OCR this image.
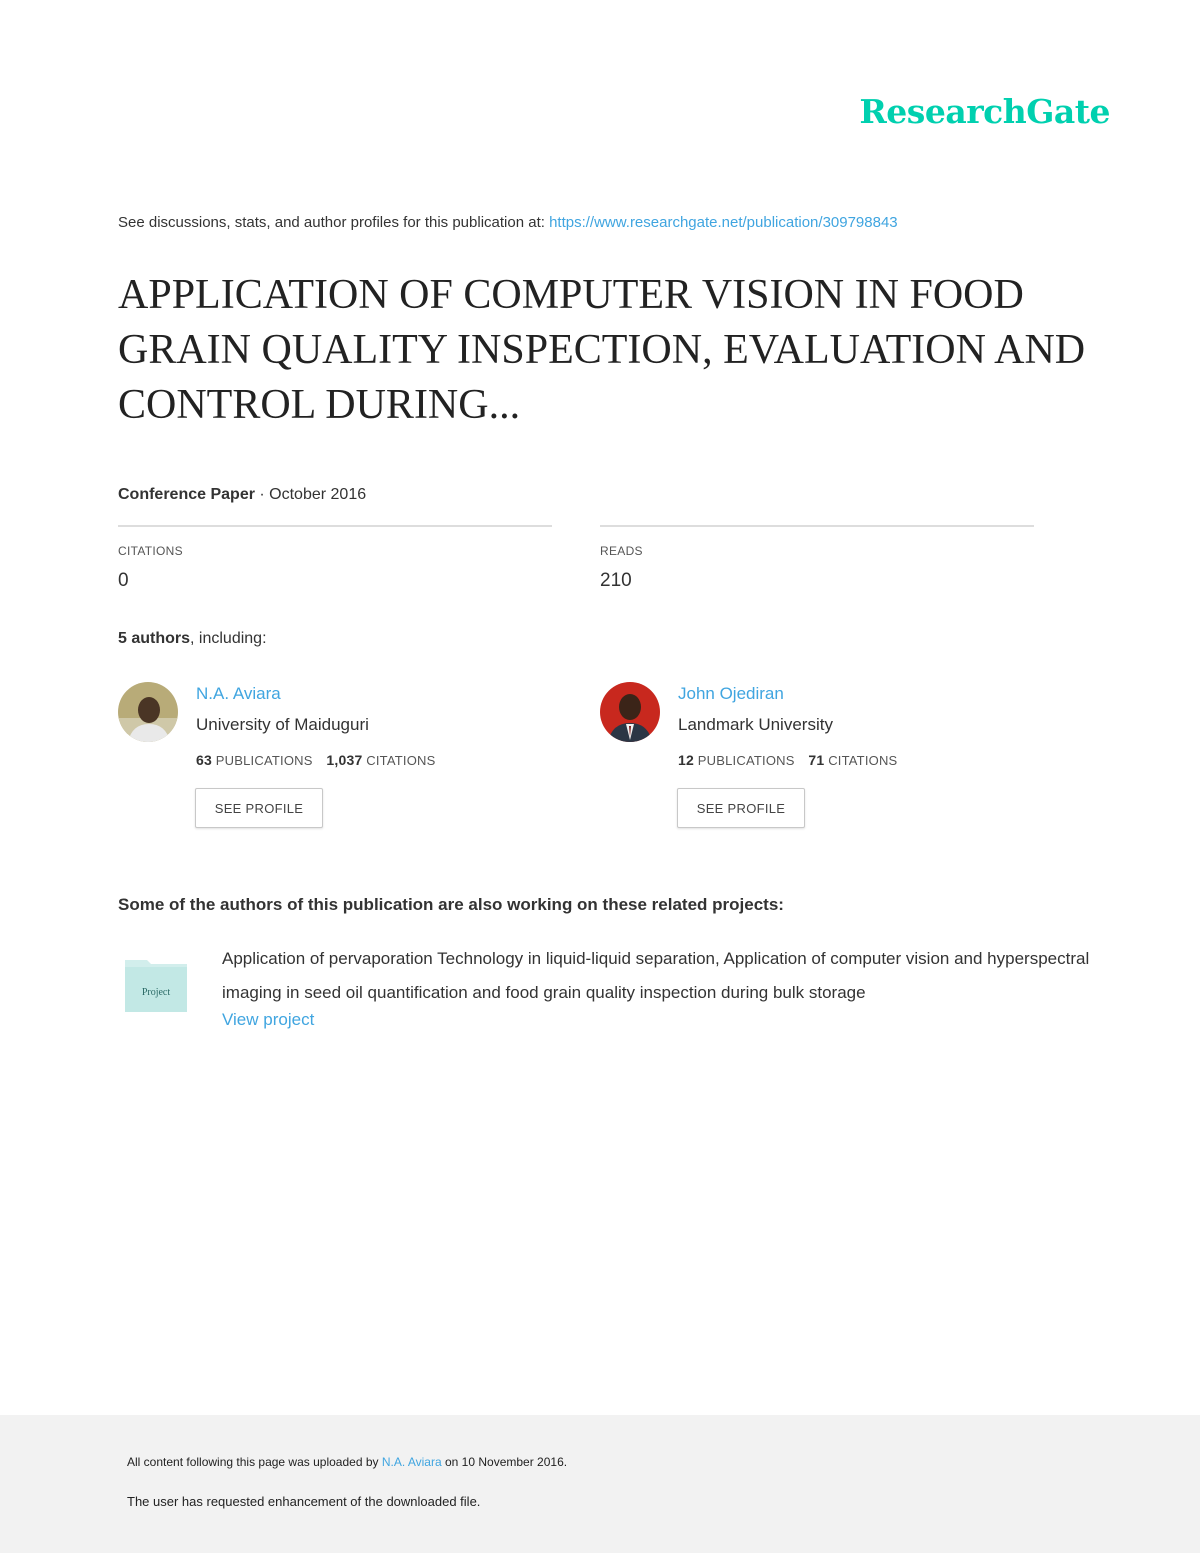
ResearchGate
See discussions, stats, and author profiles for this publication at: https://www.researchgate.net/publication/309798843
APPLICATION OF COMPUTER VISION IN FOOD GRAIN QUALITY INSPECTION, EVALUATION AND CONTROL DURING...
Conference Paper · October 2016
CITATIONS
0
READS
210
5 authors, including:
N.A. Aviara
University of Maiduguri
63 PUBLICATIONS 1,037 CITATIONS
SEE PROFILE
John Ojediran
Landmark University
12 PUBLICATIONS 71 CITATIONS
SEE PROFILE
Some of the authors of this publication are also working on these related projects:
Project
Application of pervaporation Technology in liquid-liquid separation, Application of computer vision and hyperspectral imaging in seed oil quantification and food grain quality inspection during bulk storage
View project
All content following this page was uploaded by N.A. Aviara on 10 November 2016.
The user has requested enhancement of the downloaded file.
